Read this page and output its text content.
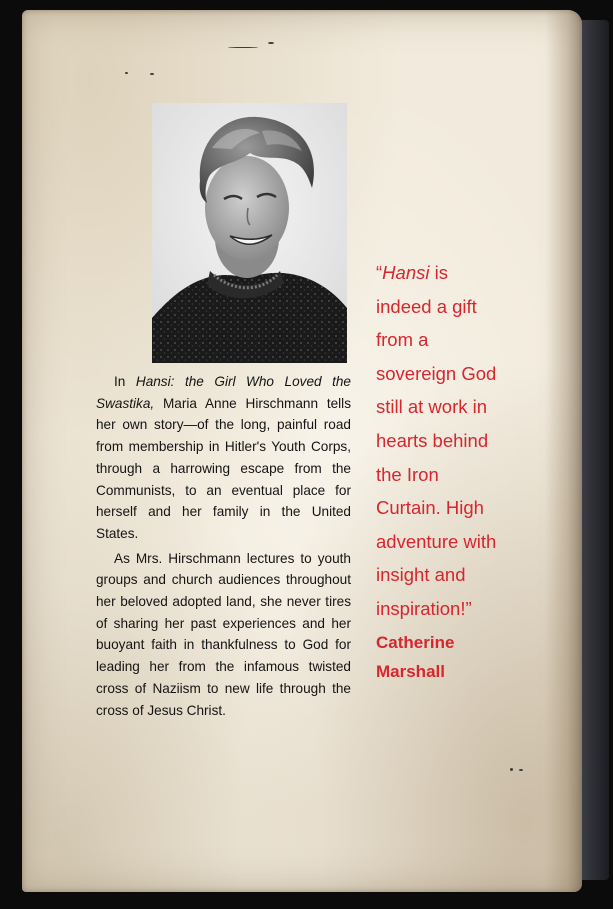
In Hansi: the Girl Who Loved the Swastika, Maria Anne Hirschmann tells her own story—of the long, painful road from membership in Hitler's Youth Corps, through a harrowing escape from the Communists, to an eventual place for herself and her family in the United States.

As Mrs. Hirschmann lectures to youth groups and church audiences throughout her beloved adopted land, she never tires of sharing her past experiences and her buoyant faith in thankfulness to God for leading her from the infamous twisted cross of Naziism to new life through the cross of Jesus Christ.

“Hansi is

indeed a gift

from a

sovereign God

still at work in

hearts behind

the Iron

Curtain. High

adventure with

insight and

inspiration!”

Catherine
Marshall
